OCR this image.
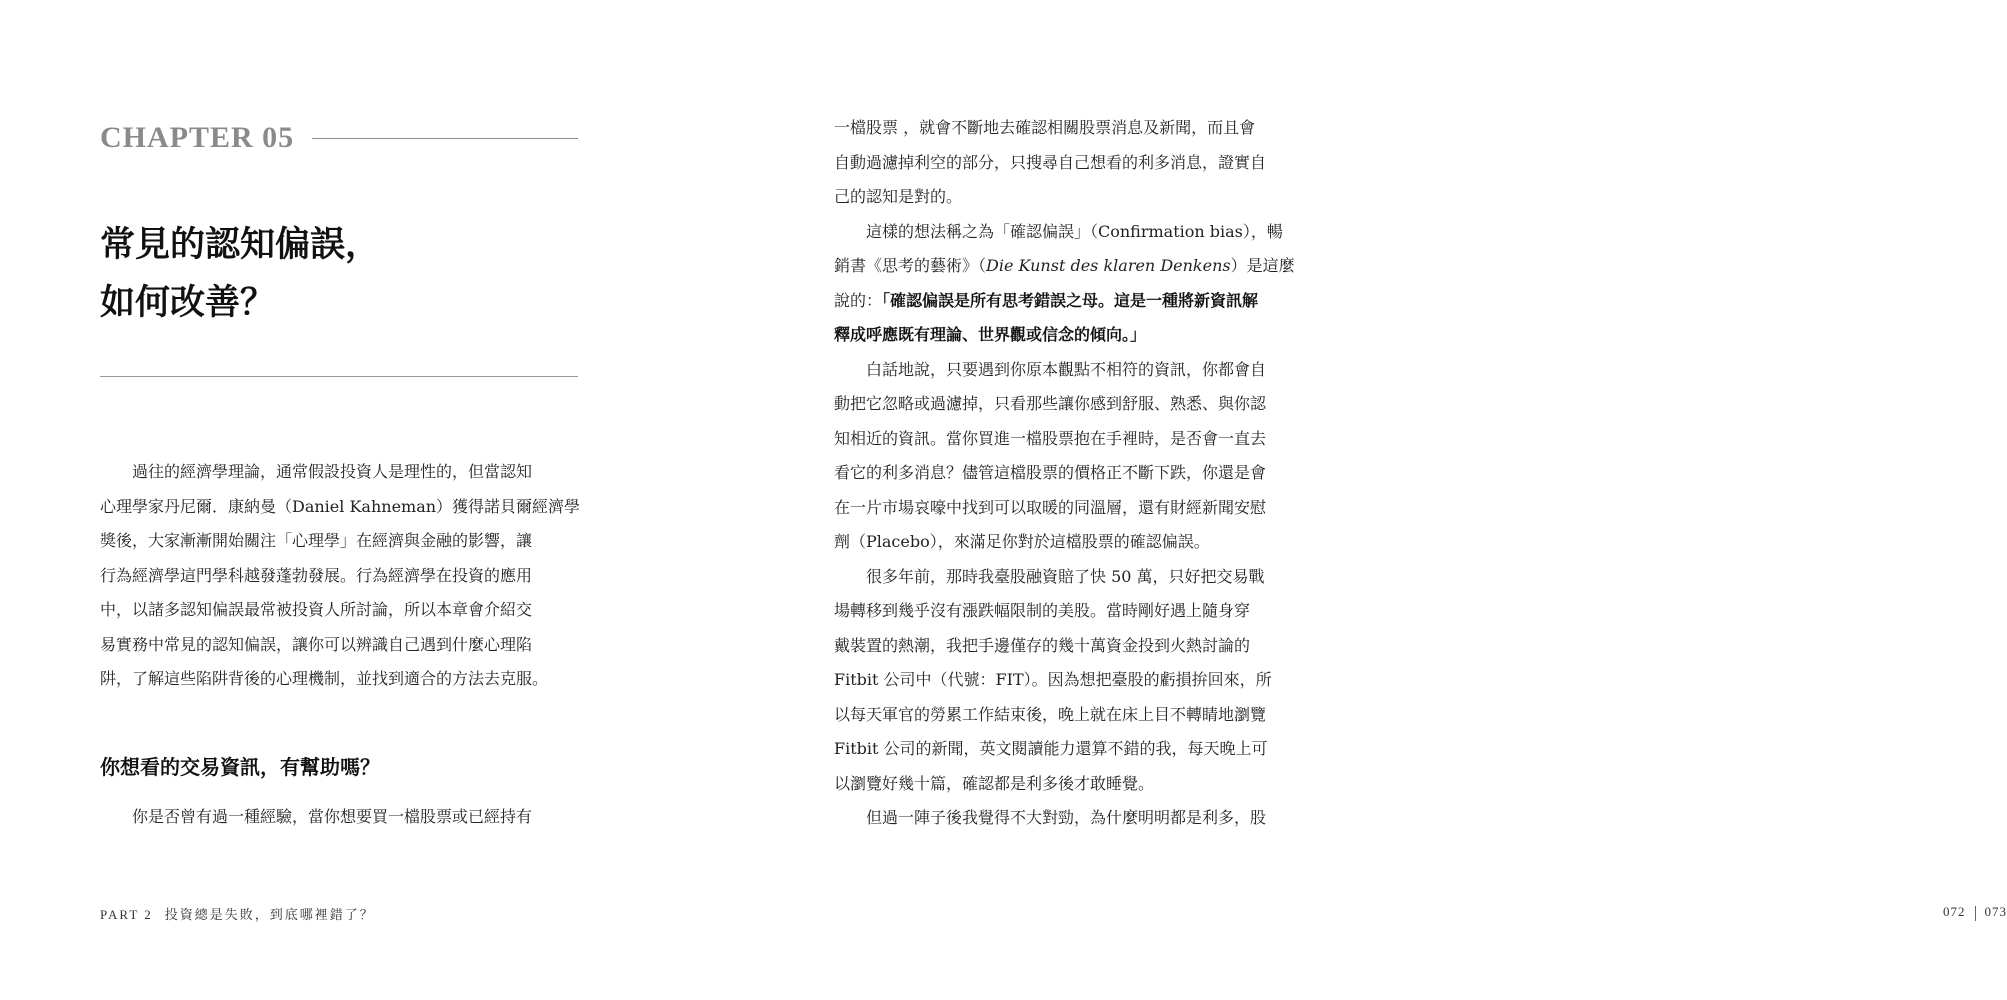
CHAPTER 05
常見的認知偏誤，
如何改善？

過往的經濟學理論，通常假設投資人是理性的，但當認知
心理學家丹尼爾．康納曼（Daniel Kahneman）獲得諾貝爾經濟學
獎後，大家漸漸開始關注「心理學」在經濟與金融的影響，讓
行為經濟學這門學科越發蓬勃發展。行為經濟學在投資的應用
中，以諸多認知偏誤最常被投資人所討論，所以本章會介紹交
易實務中常見的認知偏誤，讓你可以辨識自己遇到什麼心理陷
阱，了解這些陷阱背後的心理機制，並找到適合的方法去克服。

你想看的交易資訊，有幫助嗎？

你是否曾有過一種經驗，當你想要買一檔股票或已經持有

PART 2 投資總是失敗，到底哪裡錯了？

一檔股票 ，就會不斷地去確認相關股票消息及新聞，而且會
自動過濾掉利空的部分，只搜尋自己想看的利多消息，證實自
己的認知是對的。

這樣的想法稱之為「確認偏誤」（Confirmation bias），暢
銷書《思考的藝術》（Die Kunst des klaren Denkens）是這麼
說的：「確認偏誤是所有思考錯誤之母。這是一種將新資訊解
釋成呼應既有理論、世界觀或信念的傾向。」

白話地說，只要遇到你原本觀點不相符的資訊，你都會自
動把它忽略或過濾掉，只看那些讓你感到舒服、熟悉、與你認
知相近的資訊。當你買進一檔股票抱在手裡時，是否會一直去
看它的利多消息？儘管這檔股票的價格正不斷下跌，你還是會
在一片市場哀嚎中找到可以取暖的同溫層，還有財經新聞安慰
劑（Placebo），來滿足你對於這檔股票的確認偏誤。

很多年前，那時我臺股融資賠了快 50 萬，只好把交易戰
場轉移到幾乎沒有漲跌幅限制的美股。當時剛好遇上隨身穿
戴裝置的熱潮，我把手邊僅存的幾十萬資金投到火熱討論的
Fitbit 公司中（代號：FIT）。因為想把臺股的虧損拚回來，所
以每天軍官的勞累工作結束後，晚上就在床上目不轉睛地瀏覽
Fitbit 公司的新聞，英文閱讀能力還算不錯的我，每天晚上可
以瀏覽好幾十篇，確認都是利多後才敢睡覺。

但過一陣子後我覺得不大對勁，為什麼明明都是利多，股

072 073
